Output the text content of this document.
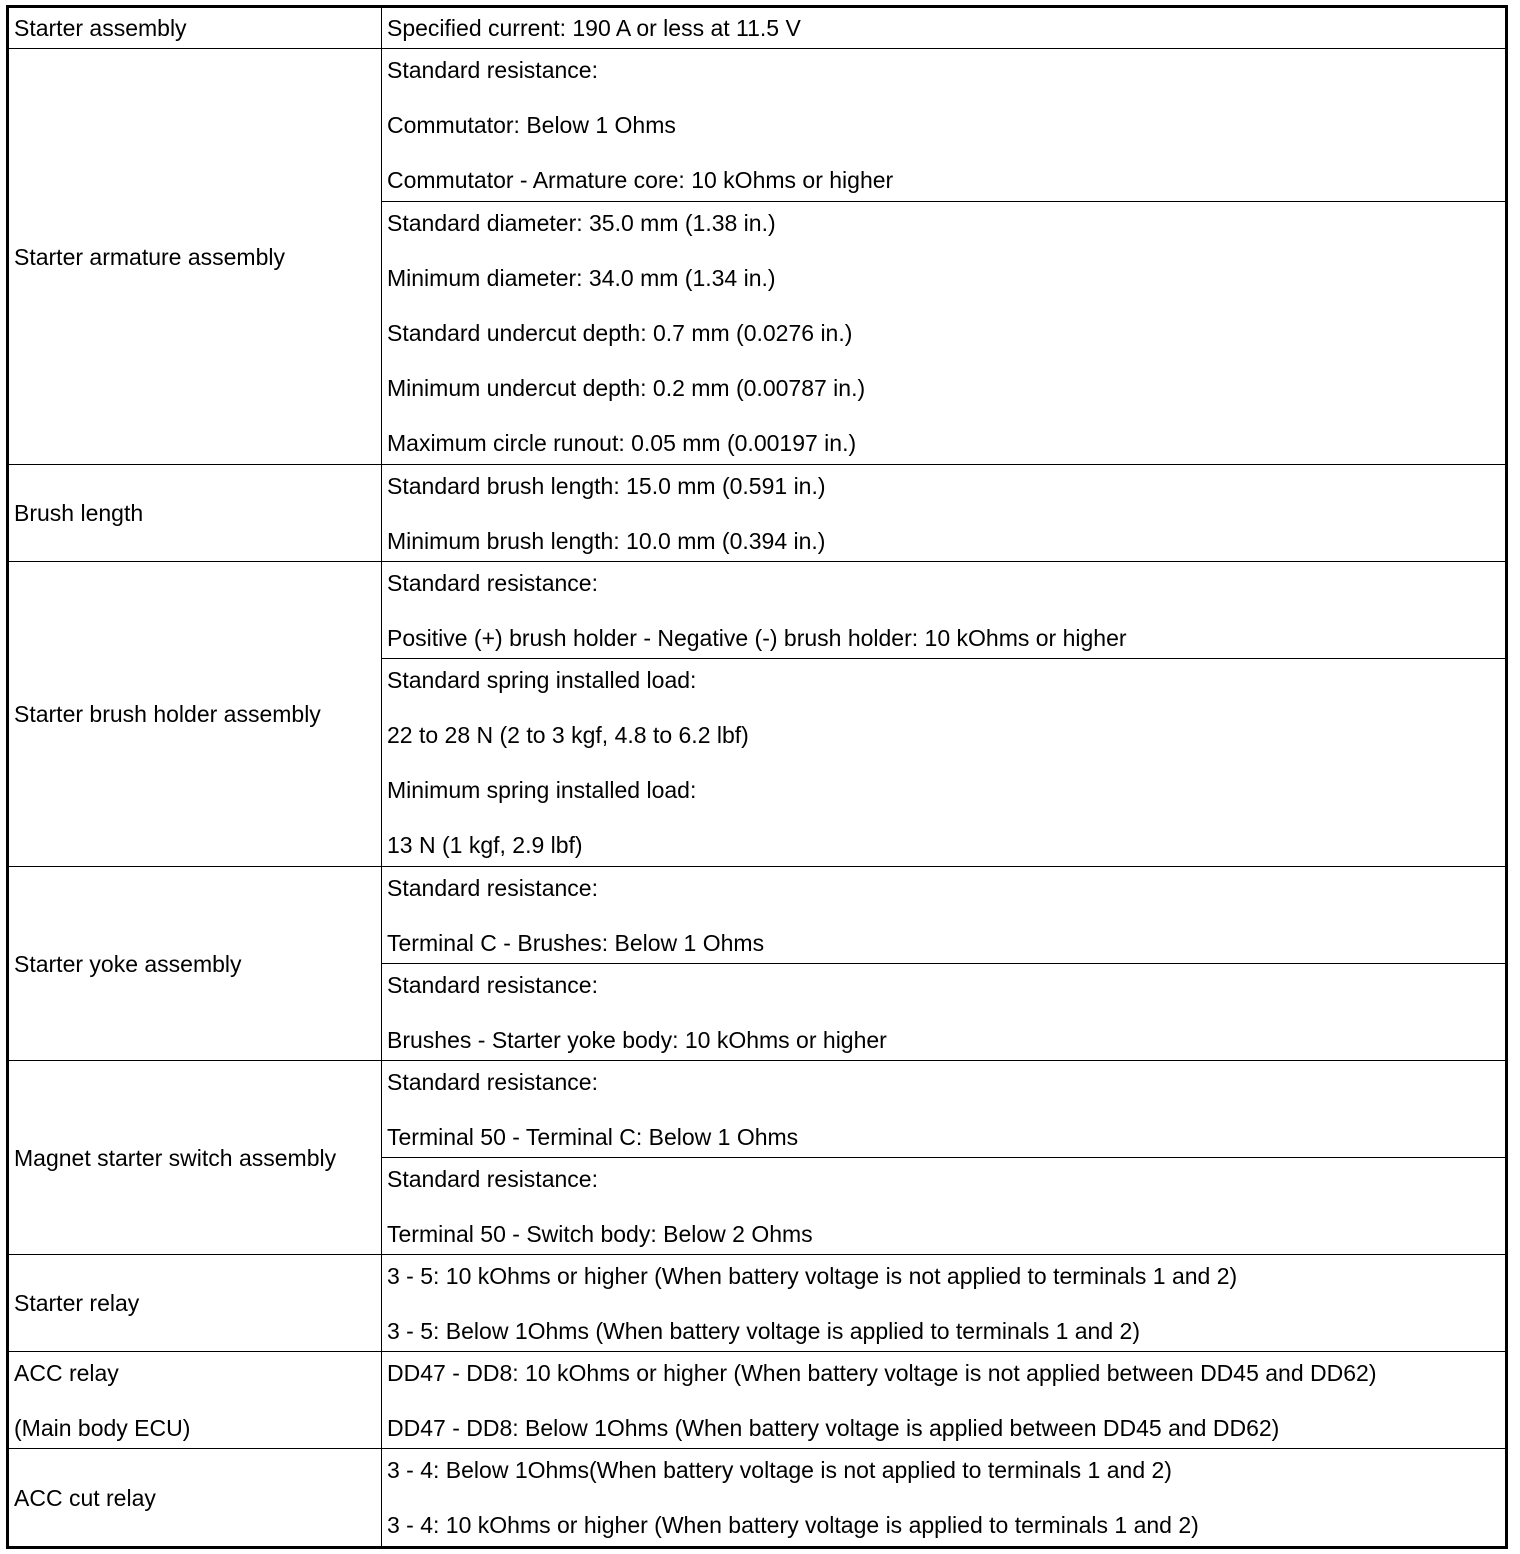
Starter assembly	Specified current: 190 A or less at 11.5 V

Starter armature assembly	Standard resistance:
Commutator: Below 1 Ohms
Commutator - Armature core: 10 kOhms or higher

	Standard diameter: 35.0 mm (1.38 in.)
Minimum diameter: 34.0 mm (1.34 in.)
Standard undercut depth: 0.7 mm (0.0276 in.)
Minimum undercut depth: 0.2 mm (0.00787 in.)
Maximum circle runout: 0.05 mm (0.00197 in.)

Brush length	Standard brush length: 15.0 mm (0.591 in.)
Minimum brush length: 10.0 mm (0.394 in.)

Starter brush holder assembly	Standard resistance:
Positive (+) brush holder - Negative (-) brush holder: 10 kOhms or higher

	Standard spring installed load:
22 to 28 N (2 to 3 kgf, 4.8 to 6.2 lbf)
Minimum spring installed load:
13 N (1 kgf, 2.9 lbf)

Starter yoke assembly	Standard resistance:
Terminal C - Brushes: Below 1 Ohms

	Standard resistance:
Brushes - Starter yoke body: 10 kOhms or higher

Magnet starter switch assembly	Standard resistance:
Terminal 50 - Terminal C: Below 1 Ohms

	Standard resistance:
Terminal 50 - Switch body: Below 2 Ohms

Starter relay	3 - 5: 10 kOhms or higher (When battery voltage is not applied to terminals 1 and 2)
3 - 5: Below 1Ohms (When battery voltage is applied to terminals 1 and 2)

ACC relay
(Main body ECU)	DD47 - DD8: 10 kOhms or higher (When battery voltage is not applied between DD45 and DD62)
DD47 - DD8: Below 1Ohms (When battery voltage is applied between DD45 and DD62)

ACC cut relay	3 - 4: Below 1Ohms(When battery voltage is not applied to terminals 1 and 2)
3 - 4: 10 kOhms or higher (When battery voltage is applied to terminals 1 and 2)
